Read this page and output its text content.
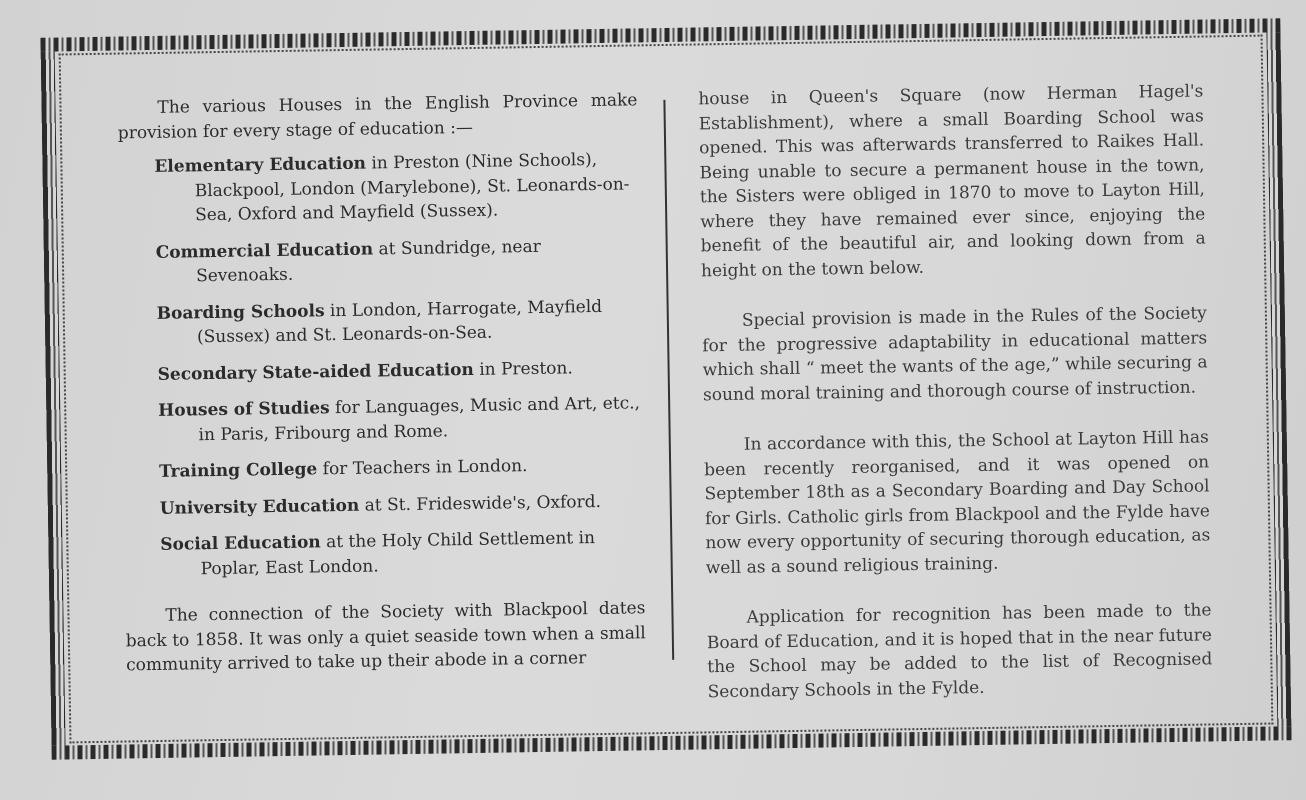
The various Houses in the English Province make provision for every stage of education :—

Elementary Education in Preston (Nine Schools), Blackpool, London (Marylebone), St. Leonards-on-Sea, Oxford and Mayfield (Sussex).

Commercial Education at Sundridge, near Sevenoaks.

Boarding Schools in London, Harrogate, Mayfield (Sussex) and St. Leonards-on-Sea.

Secondary State-aided Education in Preston.

Houses of Studies for Languages, Music and Art, etc., in Paris, Fribourg and Rome.

Training College for Teachers in London.

University Education at St. Frideswide's, Oxford.

Social Education at the Holy Child Settlement in Poplar, East London.

The connection of the Society with Blackpool dates back to 1858. It was only a quiet seaside town when a small community arrived to take up their abode in a corner

house in Queen's Square (now Herman Hagel's Establishment), where a small Boarding School was opened. This was afterwards transferred to Raikes Hall. Being unable to secure a permanent house in the town, the Sisters were obliged in 1870 to move to Layton Hill, where they have remained ever since, enjoying the benefit of the beautiful air, and looking down from a height on the town below.

Special provision is made in the Rules of the Society for the progressive adaptability in educational matters which shall “ meet the wants of the age,” while securing a sound moral training and thorough course of instruction.

In accordance with this, the School at Layton Hill has been recently reorganised, and it was opened on September 18th as a Secondary Boarding and Day School for Girls. Catholic girls from Blackpool and the Fylde have now every opportunity of securing thorough education, as well as a sound religious training.

Application for recognition has been made to the Board of Education, and it is hoped that in the near future the School may be added to the list of Recognised Secondary Schools in the Fylde.
